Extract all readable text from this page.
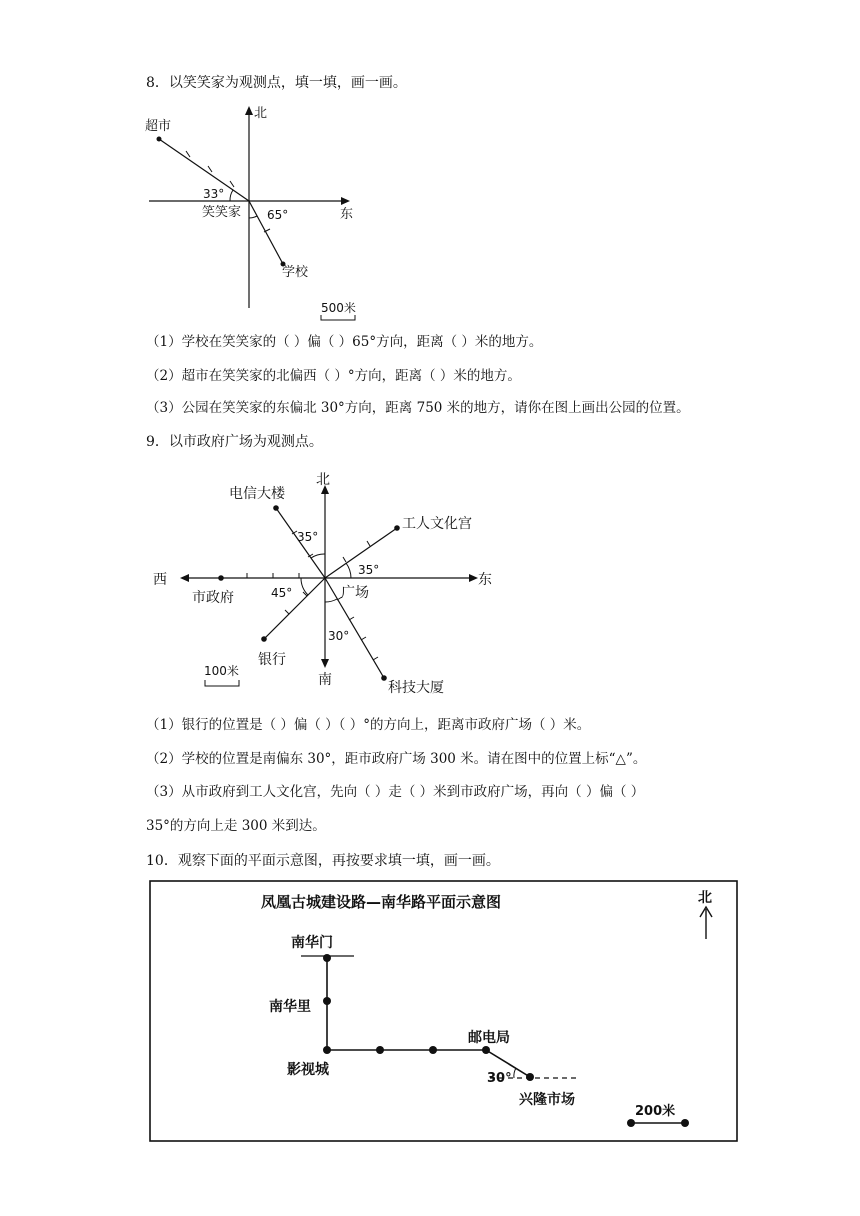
8．以笑笑家为观测点，填一填，画一画。
北
东
超市
33°
笑笑家 65°
学校
500米
（1）学校在笑笑家的（ ）偏（ ）65°方向，距离（ ）米的地方。
（2）超市在笑笑家的北偏西（ ）°方向，距离（ ）米的地方。
（3）公园在笑笑家的东偏北 30°方向，距离 750 米的地方，请你在图上画出公园的位置。
9．以市政府广场为观测点。
北
南
东
西
电信大楼
工人文化宫
市政府	广场
银行
科技大厦
35°
35°
45°
30°
100米
（1）银行的位置是（ ）偏（ ）（ ）°的方向上，距离市政府广场（ ）米。
（2）学校的位置是南偏东 30°，距市政府广场 300 米。请在图中的位置上标“△”。
（3）从市政府到工人文化宫，先向（ ）走（ ）米到市政府广场，再向（ ）偏（ ）
35°的方向上走 300 米到达。
10．观察下面的平面示意图，再按要求填一填，画一画。
凤凰古城建设路—南华路平面示意图	北
南华门
南华里
影视城
邮电局
30°
兴隆市场
200米
